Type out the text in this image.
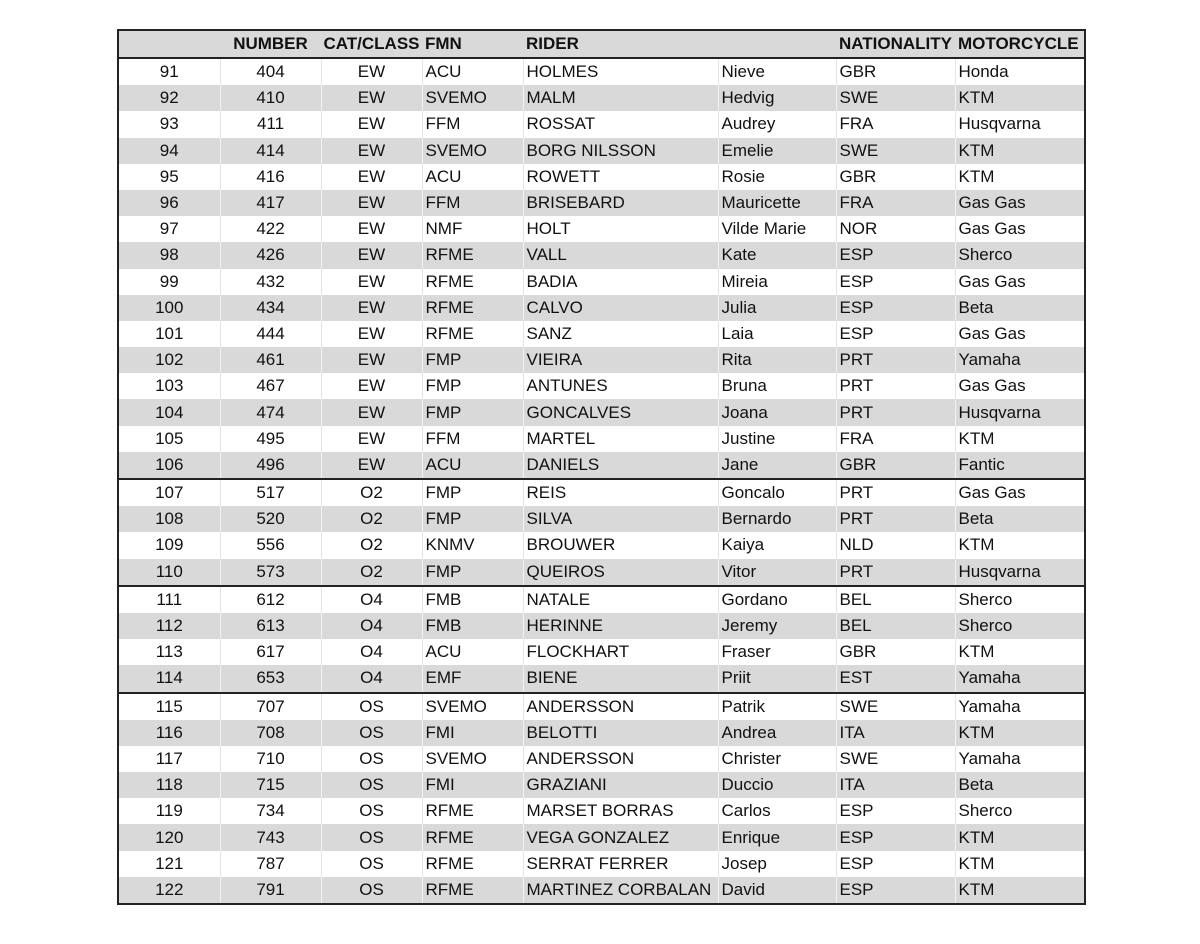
	NUMBER	CAT/CLASS	FMN	RIDER		NATIONALITY	MOTORCYCLE
91	404	EW	ACU	HOLMES	Nieve	GBR	Honda
92	410	EW	SVEMO	MALM	Hedvig	SWE	KTM
93	411	EW	FFM	ROSSAT	Audrey	FRA	Husqvarna
94	414	EW	SVEMO	BORG NILSSON	Emelie	SWE	KTM
95	416	EW	ACU	ROWETT	Rosie	GBR	KTM
96	417	EW	FFM	BRISEBARD	Mauricette	FRA	Gas Gas
97	422	EW	NMF	HOLT	Vilde Marie	NOR	Gas Gas
98	426	EW	RFME	VALL	Kate	ESP	Sherco
99	432	EW	RFME	BADIA	Mireia	ESP	Gas Gas
100	434	EW	RFME	CALVO	Julia	ESP	Beta
101	444	EW	RFME	SANZ	Laia	ESP	Gas Gas
102	461	EW	FMP	VIEIRA	Rita	PRT	Yamaha
103	467	EW	FMP	ANTUNES	Bruna	PRT	Gas Gas
104	474	EW	FMP	GONCALVES	Joana	PRT	Husqvarna
105	495	EW	FFM	MARTEL	Justine	FRA	KTM
106	496	EW	ACU	DANIELS	Jane	GBR	Fantic
107	517	O2	FMP	REIS	Goncalo	PRT	Gas Gas
108	520	O2	FMP	SILVA	Bernardo	PRT	Beta
109	556	O2	KNMV	BROUWER	Kaiya	NLD	KTM
110	573	O2	FMP	QUEIROS	Vitor	PRT	Husqvarna
111	612	O4	FMB	NATALE	Gordano	BEL	Sherco
112	613	O4	FMB	HERINNE	Jeremy	BEL	Sherco
113	617	O4	ACU	FLOCKHART	Fraser	GBR	KTM
114	653	O4	EMF	BIENE	Priit	EST	Yamaha
115	707	OS	SVEMO	ANDERSSON	Patrik	SWE	Yamaha
116	708	OS	FMI	BELOTTI	Andrea	ITA	KTM
117	710	OS	SVEMO	ANDERSSON	Christer	SWE	Yamaha
118	715	OS	FMI	GRAZIANI	Duccio	ITA	Beta
119	734	OS	RFME	MARSET BORRAS	Carlos	ESP	Sherco
120	743	OS	RFME	VEGA GONZALEZ	Enrique	ESP	KTM
121	787	OS	RFME	SERRAT FERRER	Josep	ESP	KTM
122	791	OS	RFME	MARTINEZ CORBALAN	David	ESP	KTM
